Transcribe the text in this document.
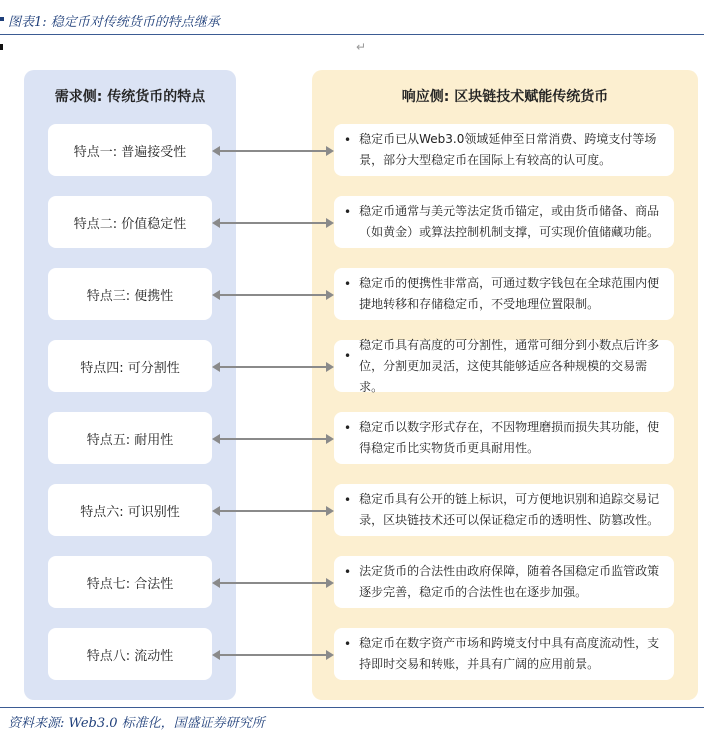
图表1: 稳定币对传统货币的特点继承
↵
需求侧: 传统货币的特点	响应侧: 区块链技术赋能传统货币
特点一: 普遍接受性
• 稳定币已从Web3.0领域延伸至日常消费、跨境支付等场景，部分大型稳定币在国际上有较高的认可度。
特点二: 价值稳定性
• 稳定币通常与美元等法定货币锚定，或由货币储备、商品（如黄金）或算法控制机制支撑，可实现价值储藏功能。
特点三: 便携性
• 稳定币的便携性非常高，可通过数字钱包在全球范围内便捷地转移和存储稳定币，不受地理位置限制。
特点四: 可分割性
•
稳定币具有高度的可分割性，通常可细分到小数点后许多位，分割更加灵活，这使其能够适应各种规模的交易需求。
特点五: 耐用性
• 稳定币以数字形式存在，不因物理磨损而损失其功能，使得稳定币比实物货币更具耐用性。
特点六: 可识别性
• 稳定币具有公开的链上标识，可方便地识别和追踪交易记录，区块链技术还可以保证稳定币的透明性、防篡改性。
特点七: 合法性
• 法定货币的合法性由政府保障，随着各国稳定币监管政策逐步完善，稳定币的合法性也在逐步加强。
特点八: 流动性
• 稳定币在数字资产市场和跨境支付中具有高度流动性，支持即时交易和转账，并具有广阔的应用前景。
资料来源: Web3.0 标准化，国盛证券研究所
